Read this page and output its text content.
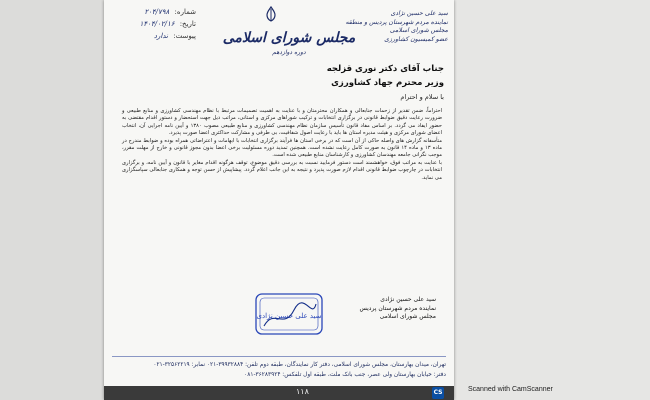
شماره: ۲۰۴/۷۹۸
تاریخ: ۱۴۰۴/۰۲/۱۶
پیوست: ندارد	مجلس شورای اسلامی
دوره دوازدهم
سید علی حسین نژادی
نماینده مردم شهرستان پردیس و منطقه
مجلس شورای اسلامی
عضو کمیسیون کشاورزی
جناب آقای دکتر نوری قزلجه
وزیر محترم جهاد کشاورزی
با سلام و احترام

احتراماً، ضمن تقدیر از زحمات جنابعالی و همکاران محترمتان و با عنایت به اهمیت تصمیمات مرتبط با نظام مهندسی کشاورزی و منابع طبیعی و ضرورت رعایت دقیق ضوابط قانونی در برگزاری انتخابات و ترکیب شوراهای مرکزی و استانی، مراتب ذیل جهت استحضار و دستور اقدام مقتضی به حضور ایفاد می گردد. بر اساس مفاد قانون تأسیس سازمان نظام مهندسی کشاورزی و منابع طبیعی مصوب ۱۳۸۰ و آیین نامه اجرایی آن، انتخاب اعضای شورای مرکزی و هیئت مدیره استان ها باید با رعایت اصول شفافیت، بی طرفی و مشارکت حداکثری اعضا صورت پذیرد.

متأسفانه گزارش های واصله حاکی از آن است که در برخی استان ها فرآیند برگزاری انتخابات با ابهامات و اعتراضاتی همراه بوده و ضوابط مندرج در ماده ۱۳ و ماده ۱۴ قانون به صورت کامل رعایت نشده است. همچنین تمدید دوره مسئولیت برخی اعضا بدون مجوز قانونی و خارج از مهلت مقرر، موجب نگرانی جامعه مهندسان کشاورزی و کارشناسان منابع طبیعی شده است.

با عنایت به مراتب فوق، خواهشمند است دستور فرمایید نسبت به بررسی دقیق موضوع، توقف هرگونه اقدام مغایر با قانون و آیین نامه، و برگزاری انتخابات در چارچوب ضوابط قانونی اقدام لازم صورت پذیرد و نتیجه به این جانب اعلام گردد. پیشاپیش از حسن توجه و همکاری جنابعالی سپاسگزاری می نماید.

سید علی حسین نژادی
سید علی حسین نژادی
نماینده مردم شهرستان پردیس
مجلس شورای اسلامی
تهران، میدان بهارستان، مجلس شورای اسلامی، دفتر کار نمایندگان، طبقه دوم تلفن: ۳۹۹۳۲۸۸۴-۰۲۱ نمابر: ۳۲۵۶۲۲۱۹-۰۲۱
دفتر: خیابان بهارستان ولی عصر، جنب بانک ملت، طبقه اول تلفکس: ۳۶۲۸۳۹۲۴-۰۸۱
۱۱۸	CS	Scanned with CamScanner
